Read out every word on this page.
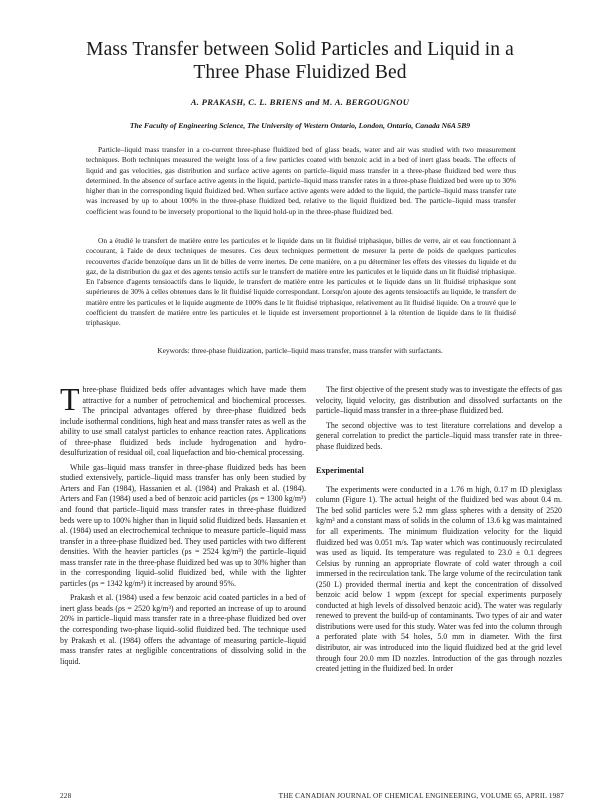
Mass Transfer between Solid Particles and Liquid in a
Three Phase Fluidized Bed
A. PRAKASH, C. L. BRIENS and M. A. BERGOUGNOU
The Faculty of Engineering Science, The University of Western Ontario, London, Ontario, Canada N6A 5B9

Particle–liquid mass transfer in a co-current three-phase fluidized bed of glass beads, water and air was studied with two measurement techniques. Both techniques measured the weight loss of a few particles coated with benzoic acid in a bed of inert glass beads. The effects of liquid and gas velocities, gas distribution and surface active agents on particle–liquid mass transfer in a three-phase fluidized bed were thus determined. In the absence of surface active agents in the liquid, particle–liquid mass transfer rates in a three-phase fluidized bed were up to 30% higher than in the corresponding liquid fluidized bed. When surface active agents were added to the liquid, the particle–liquid mass transfer rate was increased by up to about 100% in the three-phase fluidized bed, relative to the liquid fluidized bed. The particle–liquid mass transfer coefficient was found to be inversely proportional to the liquid hold-up in the three-phase fluidized bed.

On a étudié le transfert de matière entre les particules et le liquide dans un lit fluidisé triphasique, billes de verre, air et eau fonctionnant à cocourant, à l'aide de deux techniques de mesures. Ces deux techniques permettent de mesurer la perte de poids de quelques particules recouvertes d'acide benzoïque dans un lit de billes de verre inertes. De cette manière, on a pu déterminer les effets des vitesses du liquide et du gaz, de la distribution du gaz et des agents tensio actifs sur le transfert de matière entre les particules et le liquide dans un lit fluidisé triphasique. En l'absence d'agents tensioactifs dans le liquide, le transfert de matière entre les particules et le liquide dans un lit fluidisé triphasique sont supérieures de 30% à celles obtenues dans le lit fluidisé liquide correspondant. Lorsqu'on ajoute des agents tensioactifs au liquide, le transfert de matière entre les particules et le liquide augmente de 100% dans le lit fluidisé triphasique, relativement au lit fluidisé liquide. On a trouvé que le coefficient du transfert de matière entre les particules et le liquide est inversement proportionnel à la rétention de liquide dans le lit fluidisé triphasique.

Keywords: three-phase fluidization, particle–liquid mass transfer, mass transfer with surfactants.

Three-phase fluidized beds offer advantages which have made them attractive for a number of petrochemical and biochemical processes. The principal advantages offered by three-phase fluidized beds include isothermal conditions, high heat and mass transfer rates as well as the ability to use small catalyst particles to enhance reaction rates. Applications of three-phase fluidized beds include hydrogenation and hydro-desulfurization of residual oil, coal liquefaction and bio-chemical processing.

While gas–liquid mass transfer in three-phase fluidized beds has been studied extensively, particle–liquid mass transfer has only been studied by Arters and Fan (1984), Hassanien et al. (1984) and Prakash et al. (1984). Arters and Fan (1984) used a bed of benzoic acid particles (ρs = 1300 kg/m³) and found that particle–liquid mass transfer rates in three-phase fluidized beds were up to 100% higher than in liquid solid fluidized beds. Hassanien et al. (1984) used an electrochemical technique to measure particle–liquid mass transfer in a three-phase fluidized bed. They used particles with two different densities. With the heavier particles (ρs = 2524 kg/m³) the particle–liquid mass transfer rate in the three-phase fluidized bed was up to 30% higher than in the corresponding liquid–solid fluidized bed, while with the lighter particles (ρs = 1342 kg/m³) it increased by around 95%.

Prakash et al. (1984) used a few benzoic acid coated particles in a bed of inert glass beads (ρs = 2520 kg/m³) and reported an increase of up to around 20% in particle–liquid mass transfer rate in a three-phase fluidized bed over the corresponding two-phase liquid–solid fluidized bed. The technique used by Prakash et al. (1984) offers the advantage of measuring particle–liquid mass transfer rates at negligible concentrations of dissolving solid in the liquid.

The first objective of the present study was to investigate the effects of gas velocity, liquid velocity, gas distribution and dissolved surfactants on the particle–liquid mass transfer in a three-phase fluidized bed.

The second objective was to test literature correlations and develop a general correlation to predict the particle–liquid mass transfer rate in three-phase fluidized beds.

Experimental

The experiments were conducted in a 1.76 m high, 0.17 m ID plexiglass column (Figure 1). The actual height of the fluidized bed was about 0.4 m. The bed solid particles were 5.2 mm glass spheres with a density of 2520 kg/m³ and a constant mass of solids in the column of 13.6 kg was maintained for all experiments. The minimum fluidization velocity for the liquid fluidized bed was 0.051 m/s. Tap water which was continuously recirculated was used as liquid. Its temperature was regulated to 23.0 ± 0.1 degrees Celsius by running an appropriate flowrate of cold water through a coil immersed in the recirculation tank. The large volume of the recirculation tank (250 L) provided thermal inertia and kept the concentration of dissolved benzoic acid below 1 wppm (except for special experiments purposely conducted at high levels of dissolved benzoic acid). The water was regularly renewed to prevent the build-up of contaminants. Two types of air and water distributions were used for this study. Water was fed into the column through a perforated plate with 54 holes, 5.0 mm in diameter. With the first distributor, air was introduced into the liquid fluidized bed at the grid level through four 20.0 mm ID nozzles. Introduction of the gas through nozzles created jetting in the fluidized bed. In order

228	THE CANADIAN JOURNAL OF CHEMICAL ENGINEERING, VOLUME 65, APRIL 1987
